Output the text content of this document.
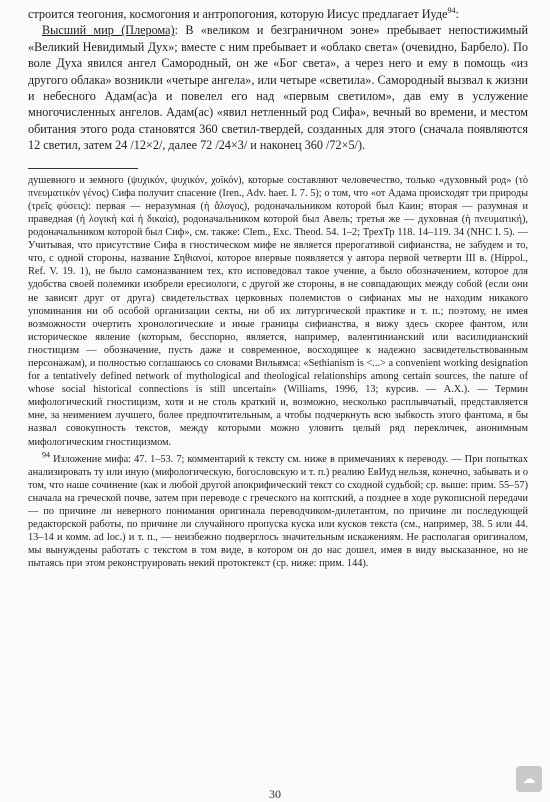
строится теогония, космогония и антропогония, которую Иисус предлагает Иуде$^{94}$:

Высший мир (Плерома): В «великом и безграничном эоне» пребывает непостижимый «Великий Невидимый Дух»; вместе с ним пребывает и «облако света» (очевидно, Барбело). По воле Духа явился ангел Самородный, он же «Бог света», а через него и ему в помощь «из другого облака» возникли «четыре ангела», или четыре «светила». Самородный вызвал к жизни и небесного Адам(ас)а и повелел его над «первым светилом», дав ему в услужение многочисленных ангелов. Адам(ас) «явил нетленный род Сифа», вечный во времени, и местом обитания этого рода становятся 360 светил-твердей, созданных для этого (сначала появляются 12 светил, затем 24 /12×2/, далее 72 /24×3/ и наконец 360 /72×5/).

душевного и земного (ψυχικόν, ψυχικόν, χοϊκόν), которые составляют человечество, только «духовный род» (τὸ πνευματικὸν γένος) Сифа получит спасение (Iren., Adv. haer. I. 7. 5); о том, что «от Адама происходят три природы (τρεῖς φύσεις): первая — неразумная (ἡ ἄλογος), родоначальником которой был Каин; вторая — разумная и праведная (ἡ λογικὴ καὶ ἡ δικαία), родоначальником которой был Авель; третья же — духовная (ἡ πνευματική), родоначальником которой был Сиф», см. также: Clem., Exc. Theod. 54. 1–2; ТрехТр 118. 14–119. 34 (NHC I. 5). — Учитывая, что присутствие Сифа в гностическом мифе не является прерогативой сифианства, не забудем и то, что, с одной стороны, название Σηθιανοί, которое впервые появляется у автора первой четверти III в. (Hippol., Ref. V. 19. 1), не было самоназванием тех, кто исповедовал такое учение, а было обозначением, которое для удобства своей полемики изобрели ересиологи, с другой же стороны, в не совпадающих между собой (если они не зависят друг от друга) свидетельствах церковных полемистов о сифианах мы не находим никакого упоминания ни об особой организации секты, ни об их литургической практике и т. п.; поэтому, не имея возможности очертить хронологические и иные границы сифианства, я вижу здесь скорее фантом, или историческое явление (которым, бесспорно, является, например, валентинианский или василидианский гностицизм — обозначение, пусть даже и современное, восходящее к надежно засвидетельствованным персонажам), и полностью соглашаюсь со словами Вильямса: «Sethianism is <...> a convenient working designation for a tentatively defined network of mythological and theological relationships among certain sources, the nature of whose social historical connections is still uncertain» (Williams, 1996, 13; курсив. — A.X.). — Термин мифологический гностицизм, хотя и не столь краткий и, возможно, несколько расплывчатый, представляется мне, за неимением лучшего, более предпочтительным, а чтобы подчеркнуть всю зыбкость этого фантома, я бы назвал совокупность текстов, между которыми можно уловить целый ряд перекличек, анонимным мифологическим гностицизмом.

$^{94}$ Изложение мифа: 47. 1–53. 7; комментарий к тексту см. ниже в примечаниях к переводу. — При попытках анализировать ту или иную (мифологическую, богословскую и т. п.) реалию ЕвИуд нельзя, конечно, забывать и о том, что наше сочинение (как и любой другой апокрифический текст со сходной судьбой; ср. выше: прим. 55–57) сначала на греческой почве, затем при переводе с греческого на коптский, а позднее в ходе рукописной передачи — по причине ли неверного понимания оригинала переводчиком-дилетантом, по причине ли последующей редакторской работы, по причине ли случайного пропуска куска или кусков текста (см., например, 38. 5 или 44. 13–14 и комм. ad loc.) и т. п., — неизбежно подверглось значительным искажениям. Не располагая оригиналом, мы вынуждены работать с текстом в том виде, в котором он до нас дошел, имея в виду высказанное, но не пытаясь при этом реконструировать некий протоктекст (ср. ниже: прим. 144).

30
☁
